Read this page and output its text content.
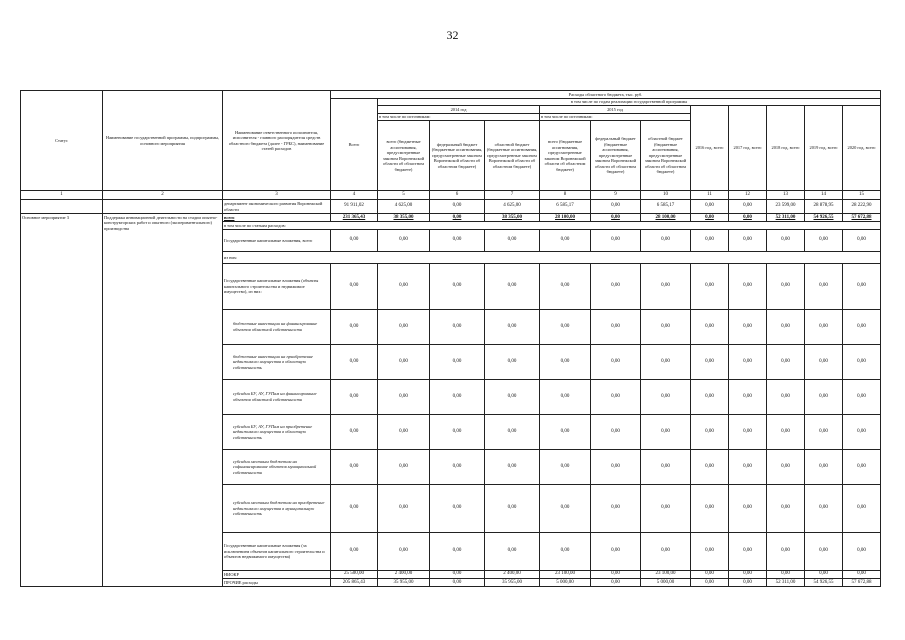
32
Статус	Наименование государственной программы, подпрограммы, основного мероприятия	Наименование ответственного исполнителя, исполнителя - главного распорядителя средств областного бюджета (далее - ГРБС), наименование статей расходов	Расходы областного бюджета, тыс. руб.											
			Всего	в том числе по годам реализации государственной программы										
				2014 год			2015 год			2016 год, всего	2017 год, всего	2018 год, всего	2019 год, всего	2020 год, всего
				в том числе по источникам:			в том числе по источникам:							
				всего (бюджетные ассигнования, предусмотренные законом Воронежской области об областном бюджете)	федеральный бюджет (бюджетные ассигнования, предусмотренные законом Воронежской области об областном бюджете)	областной бюджет (бюджетные ассигнования, предусмотренные законом Воронежской области об областном бюджете)	всего (бюджетные ассигнования, предусмотренные законом Воронежской области об областном бюджете)	федеральный бюджет (бюджетные ассигнования, предусмотренные законом Воронежской области об областном бюджете)	областной бюджет (бюджетные ассигнования, предусмотренные законом Воронежской области об областном бюджете)					
1	2	3	4	5	6	7	8	9	10	11	12	13	14	15
		департамент экономического развития Воронежской области	91 911,02	4 625,00	0,00	4 625,00	6 585,17	0,00	6 585,17	0,00	0,00	23 599,00	28 878,95	28 222,90
Основное мероприятие 3	Поддержка инновационной деятельности на стадии опытно-конструкторских работ и опытного (экспериментального) производства	всего	231 365,43	38 355,00	0,00	38 355,00	28 100,00	0,00	28 100,00	0,00	0,00	52 311,00	54 926,55	57 672,88
		в том числе по статьям расходов:												
		Государственные капитальные вложения, всего	0,00	0,00	0,00	0,00	0,00	0,00	0,00	0,00	0,00	0,00	0,00	0,00
		из них:												
		Государственные капитальные вложения (объекты капитального строительства и недвижимое имущество), из них:	0,00	0,00	0,00	0,00	0,00	0,00	0,00	0,00	0,00	0,00	0,00	0,00
		бюджетные инвестиции на финансирование объектов областной собственности	0,00	0,00	0,00	0,00	0,00	0,00	0,00	0,00	0,00	0,00	0,00	0,00
		бюджетные инвестиции на приобретение недвижимого имущества в областную собственность	0,00	0,00	0,00	0,00	0,00	0,00	0,00	0,00	0,00	0,00	0,00	0,00
		субсидии БУ, АУ, ГУПам на финансирование объектов областной собственности	0,00	0,00	0,00	0,00	0,00	0,00	0,00	0,00	0,00	0,00	0,00	0,00
		субсидии БУ, АУ, ГУПам на приобретение недвижимого имущества в областную собственность	0,00	0,00	0,00	0,00	0,00	0,00	0,00	0,00	0,00	0,00	0,00	0,00
		субсидии местным бюджетам на софинансирование объектов муниципальной собственности	0,00	0,00	0,00	0,00	0,00	0,00	0,00	0,00	0,00	0,00	0,00	0,00
		субсидии местным бюджетам на приобретение недвижимого имущества в муниципальную собственность	0,00	0,00	0,00	0,00	0,00	0,00	0,00	0,00	0,00	0,00	0,00	0,00
		Государственные капитальные вложения (за исключением объектов капитального строительства и объектов недвижимого имущества)	0,00	0,00	0,00	0,00	0,00	0,00	0,00	0,00	0,00	0,00	0,00	0,00
		НИОКР	25 500,00	2 400,00	0,00	2 400,00	23 100,00	0,00	23 100,00	0,00	0,00	0,00	0,00	0,00
		ПРОЧИЕ расходы	205 865,43	35 955,00	0,00	35 955,00	5 000,00	0,00	5 000,00	0,00	0,00	52 311,00	54 926,55	57 672,88
